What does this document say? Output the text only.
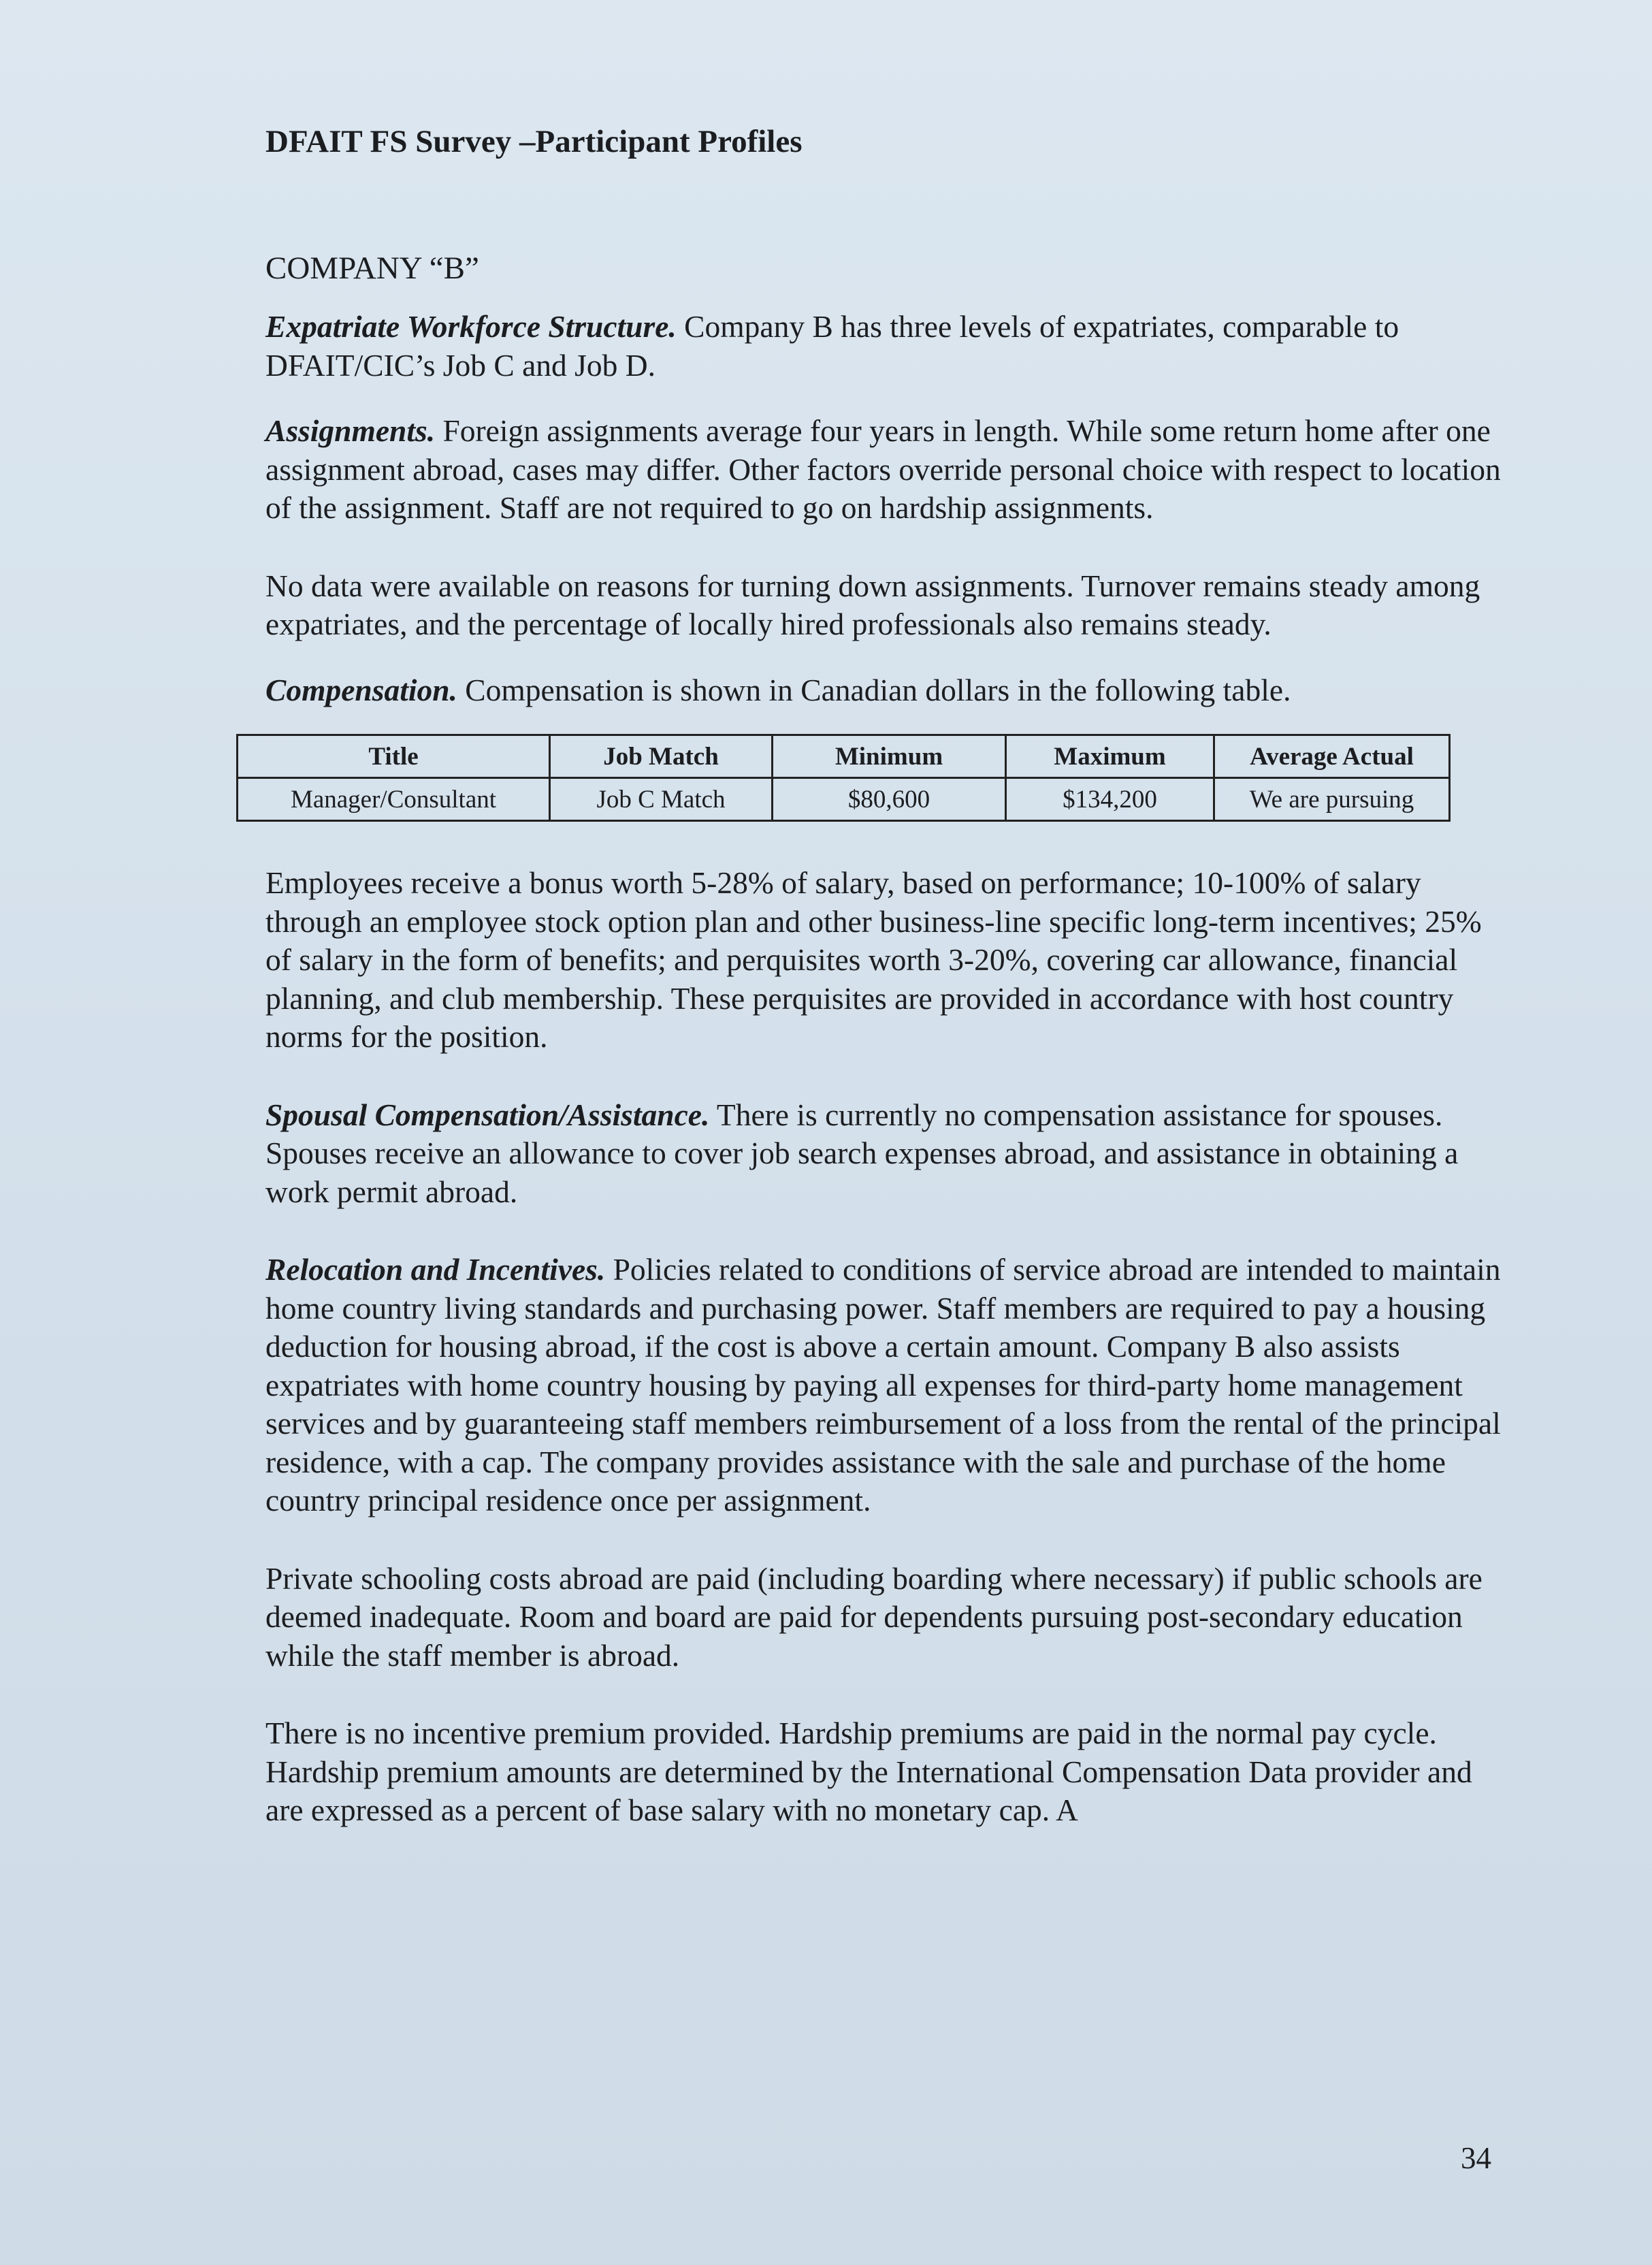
DFAIT FS Survey –Participant Profiles

COMPANY “B”

Expatriate Workforce Structure. Company B has three levels of expatriates, comparable to DFAIT/CIC’s Job C and Job D.

Assignments. Foreign assignments average four years in length. While some return home after one assignment abroad, cases may differ. Other factors override personal choice with respect to location of the assignment. Staff are not required to go on hardship assignments.

No data were available on reasons for turning down assignments. Turnover remains steady among expatriates, and the percentage of locally hired professionals also remains steady.

Compensation. Compensation is shown in Canadian dollars in the following table.

Title	Job Match	Minimum	Maximum	Average Actual
Manager/Consultant	Job C Match	$80,600	$134,200	We are pursuing

Employees receive a bonus worth 5-28% of salary, based on performance; 10-100% of salary through an employee stock option plan and other business-line specific long-term incentives; 25% of salary in the form of benefits; and perquisites worth 3-20%, covering car allowance, financial planning, and club membership. These perquisites are provided in accordance with host country norms for the position.

Spousal Compensation/Assistance. There is currently no compensation assistance for spouses. Spouses receive an allowance to cover job search expenses abroad, and assistance in obtaining a work permit abroad.

Relocation and Incentives. Policies related to conditions of service abroad are intended to maintain home country living standards and purchasing power. Staff members are required to pay a housing deduction for housing abroad, if the cost is above a certain amount. Company B also assists expatriates with home country housing by paying all expenses for third-party home management services and by guaranteeing staff members reimbursement of a loss from the rental of the principal residence, with a cap. The company provides assistance with the sale and purchase of the home country principal residence once per assignment.

Private schooling costs abroad are paid (including boarding where necessary) if public schools are deemed inadequate. Room and board are paid for dependents pursuing post-secondary education while the staff member is abroad.

There is no incentive premium provided. Hardship premiums are paid in the normal pay cycle. Hardship premium amounts are determined by the International Compensation Data provider and are expressed as a percent of base salary with no monetary cap. A

34
